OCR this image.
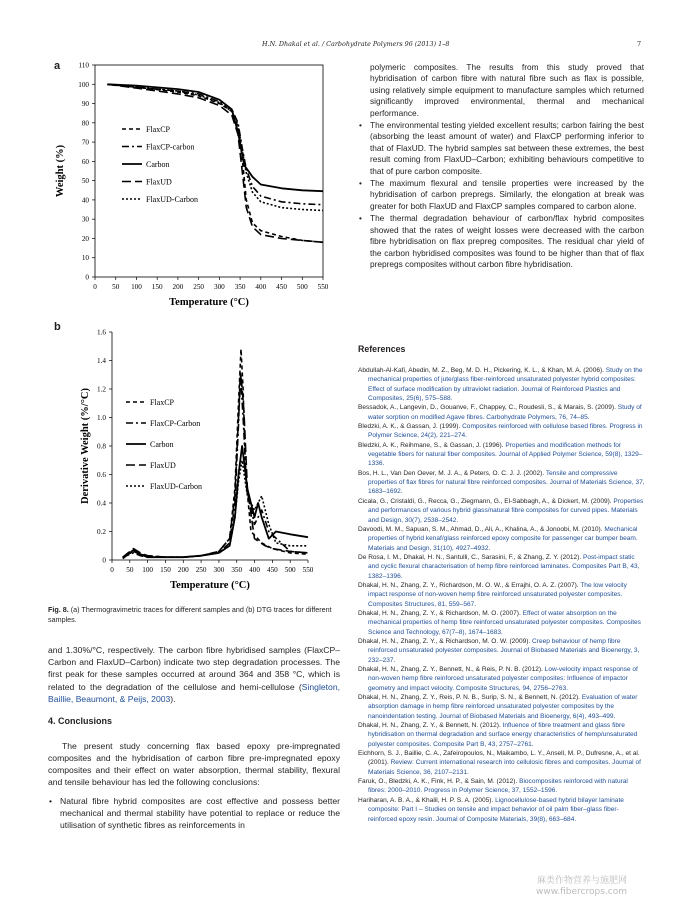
H.N. Dhakal et al. / Carbohydrate Polymers 96 (2013) 1–8	7
a
0
10
20
30
40
50
60
70
80
90
100
110
0 50 100 150 200 250 300 350 400 450 500 550
Temperature (°C)
Weight (%)
FlaxCP
FlaxCP-carbon
Carbon
FlaxUD
FlaxUD-Carbon
b
0
0.2
0.4
0.6
0.8
1.0
1.2
1.4
1.6
0 50 100 150 200 250 300 350 400 450 500 550
Temperature (°C)
Derivative Weight (%/°C)	FlaxCP
FlaxCP-Carbon
Carbon
FlaxUD
FlaxUD-Carbon
Fig. 8. (a) Thermogravimetric traces for different samples and (b) DTG traces for different samples.

and 1.30%/°C, respectively. The carbon fibre hybridised samples (FlaxCP–Carbon and FlaxUD–Carbon) indicate two step degradation processes. The first peak for these samples occurred at around 364 and 358 °C, which is related to the degradation of the cellulose and hemi-cellulose (Singleton, Baillie, Beaumont, & Peijs, 2003).

4. Conclusions

The present study concerning flax based epoxy pre-impregnated composites and the hybridisation of carbon fibre pre-impregnated epoxy composites and their effect on water absorption, thermal stability, flexural and tensile behaviour has led the following conclusions:

• Natural fibre hybrid composites are cost effective and possess better mechanical and thermal stability have potential to replace or reduce the utilisation of synthetic fibres as reinforcements in

polymeric composites. The results from this study proved that hybridisation of carbon fibre with natural fibre such as flax is possible, using relatively simple equipment to manufacture samples which returned significantly improved environmental, thermal and mechanical performance.

• The environmental testing yielded excellent results; carbon fairing the best (absorbing the least amount of water) and FlaxCP performing inferior to that of FlaxUD. The hybrid samples sat between these extremes, the best result coming from FlaxUD–Carbon; exhibiting behaviours competitive to that of pure carbon composite.
• The maximum flexural and tensile properties were increased by the hybridisation of carbon prepregs. Similarly, the elongation at break was greater for both FlaxUD and FlaxCP samples compared to carbon alone.
• The thermal degradation behaviour of carbon/flax hybrid composites showed that the rates of weight losses were decreased with the carbon fibre hybridisation on flax prepreg composites. The residual char yield of the carbon hybridised composites was found to be higher than that of flax prepregs composites without carbon fibre hybridisation.
References
Abdullah-Al-Kafi, Abedin, M. Z., Beg, M. D. H., Pickering, K. L., & Khan, M. A. (2006). Study on the mechanical properties of jute/glass fiber-reinforced unsaturated polyester hybrid composites: Effect of surface modification by ultraviolet radiation. Journal of Reinforced Plastics and Composites, 25(6), 575–588.
Bessadok, A., Langevin, D., Gouanve, F., Chappey, C., Roudesli, S., & Marais, S. (2009). Study of water sorption on modified Agave fibres. Carbohydrate Polymers, 76, 74–85.
Bledzki, A. K., & Gassan, J. (1999). Composites reinforced with cellulose based fibres. Progress in Polymer Science, 24(2), 221–274.
Bledzki, A. K., Reihmane, S., & Gassan, J. (1996). Properties and modification methods for vegetable fibers for natural fiber composites. Journal of Applied Polymer Science, 59(8), 1329–1336.
Bos, H. L., Van Den Oever, M. J. A., & Peters, O. C. J. J. (2002). Tensile and compressive properties of flax fibres for natural fibre reinforced composites. Journal of Materials Science, 37, 1683–1692.
Cicala, G., Cristaldi, G., Recca, G., Ziegmann, G., El-Sabbagh, A., & Dickert, M. (2009). Properties and performances of various hybrid glass/natural fibre composites for curved pipes. Materials and Design, 30(7), 2538–2542.
Davoodi, M. M., Sapuan, S. M., Ahmad, D., Ali, A., Khalina, A., & Jonoobi, M. (2010). Mechanical properties of hybrid kenaf/glass reinforced epoxy composite for passenger car bumper beam. Materials and Design, 31(10), 4927–4932.
De Rosa, I. M., Dhakal, H. N., Santulli, C., Sarasini, F., & Zhang, Z. Y. (2012). Post-impact static and cyclic flexural characterisation of hemp fibre reinforced laminates. Composites Part B, 43, 1382–1396.
Dhakal, H. N., Zhang, Z. Y., Richardson, M. O. W., & Errajhi, O. A. Z. (2007). The low velocity impact response of non-woven hemp fibre reinforced unsaturated polyester composites. Composites Structures, 81, 559–567.
Dhakal, H. N., Zhang, Z. Y., & Richardson, M. O. (2007). Effect of water absorption on the mechanical properties of hemp fibre reinforced unsaturated polyester composites. Composites Science and Technology, 67(7–8), 1674–1683.
Dhakal, H. N., Zhang, Z. Y., & Richardson, M. O. W. (2009). Creep behaviour of hemp fibre reinforced unsaturated polyester composites. Journal of Biobased Materials and Bioenergy, 3, 232–237.
Dhakal, H. N., Zhang, Z. Y., Bennett, N., & Reis, P. N. B. (2012). Low-velocity impact response of non-woven hemp fibre reinforced unsaturated polyester composites: Influence of impactor geometry and impact velocity. Composite Structures, 94, 2756–2763.
Dhakal, H. N., Zhang, Z. Y., Reis, P. N. B., Surip, S. N., & Bennett, N. (2012). Evaluation of water absorption damage in hemp fibre reinforced unsaturated polyester composites by the nanoindentation testing. Journal of Biobased Materials and Bioenergy, 6(4), 493–499.
Dhakal, H. N., Zhang, Z. Y., & Bennett, N. (2012). Influence of fibre treatment and glass fibre hybridisation on thermal degradation and surface energy characteristics of hemp/unsaturated polyester composites. Composite Part B, 43, 2757–2761.
Eichhorn, S. J., Baillie, C. A., Zafeiropoulos, N., Maikambo, L. Y., Ansell, M. P., Dufresne, A., et al. (2001). Review: Current international research into cellulosic fibres and composites. Journal of Materials Science, 36, 2107–2131.
Faruk, O., Bledzki, A. K., Fink, H. P., & Sain, M. (2012). Biocomposites reinforced with natural fibres: 2000–2010. Progress in Polymer Science, 37, 1552–1596.
Hariharan, A. B. A., & Khalil, H. P. S. A. (2005). Lignocellulose-based hybrid bilayer laminate composite: Part I – Studies on tensile and impact behavior of oil palm fiber–glass fiber-reinforced epoxy resin. Journal of Composite Materials, 39(8), 663–684.
麻类作物营养与施肥网
www.fibercrops.com
